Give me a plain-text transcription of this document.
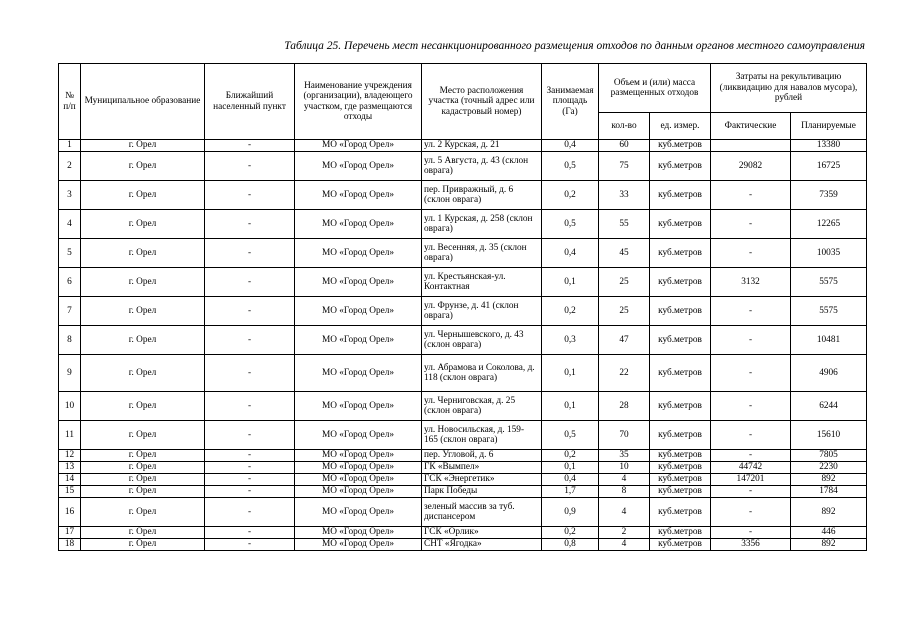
Таблица 25. Перечень мест несанкционированного размещения отходов по данным органов местного самоуправления
№ п/п	Муниципальное образование	Ближайший населенный пункт	Наименование учреждения (организации), владеющего участком, где размещаются отходы	Место расположения участка (точный адрес или кадастровый номер)	Занимаемая площадь (Га)	Объем и (или) масса размещенных отходов		Затраты на рекультивацию (ликвидацию для навалов мусора), рублей	
						кол-во	ед. измер.	Фактические	Планируемые
1	г. Орел	-	МО «Город Орел»	ул. 2 Курская, д. 21	0,4	60	куб.метров		13380
2	г. Орел	-	МО «Город Орел»	ул. 5 Августа, д. 43 (склон оврага)	0,5	75	куб.метров	29082	16725
3	г. Орел	-	МО «Город Орел»	пер. Привражный, д. 6 (склон оврага)	0,2	33	куб.метров	-	7359
4	г. Орел	-	МО «Город Орел»	ул. 1 Курская, д. 258 (склон оврага)	0,5	55	куб.метров	-	12265
5	г. Орел	-	МО «Город Орел»	ул. Весенняя, д. 35 (склон оврага)	0,4	45	куб.метров	-	10035
6	г. Орел	-	МО «Город Орел»	ул. Крестьянская-ул. Контактная	0,1	25	куб.метров	3132	5575
7	г. Орел	-	МО «Город Орел»	ул. Фрунзе, д. 41 (склон оврага)	0,2	25	куб.метров	-	5575
8	г. Орел	-	МО «Город Орел»	ул. Чернышевского, д. 43 (склон оврага)	0,3	47	куб.метров	-	10481
9	г. Орел	-	МО «Город Орел»	ул. Абрамова и Соколова, д. 118 (склон оврага)	0,1	22	куб.метров	-	4906
10	г. Орел	-	МО «Город Орел»	ул. Черниговская, д. 25 (склон оврага)	0,1	28	куб.метров	-	6244
11	г. Орел	-	МО «Город Орел»	ул. Новосильская, д. 159- 165 (склон оврага)	0,5	70	куб.метров	-	15610
12	г. Орел	-	МО «Город Орел»	пер. Угловой, д. 6	0,2	35	куб.метров	-	7805
13	г. Орел	-	МО «Город Орел»	ГК «Вымпел»	0,1	10	куб.метров	44742	2230
14	г. Орел	-	МО «Город Орел»	ГСК «Энергетик»	0,4	4	куб.метров	147201	892
15	г. Орел	-	МО «Город Орел»	Парк Победы	1,7	8	куб.метров	-	1784
16	г. Орел	-	МО «Город Орел»	зеленый массив за туб. диспансером	0,9	4	куб.метров	-	892
17	г. Орел	-	МО «Город Орел»	ГСК «Орлик»	0,2	2	куб.метров	-	446
18	г. Орел	-	МО «Город Орел»	СНТ «Ягодка»	0,8	4	куб.метров	3356	892
